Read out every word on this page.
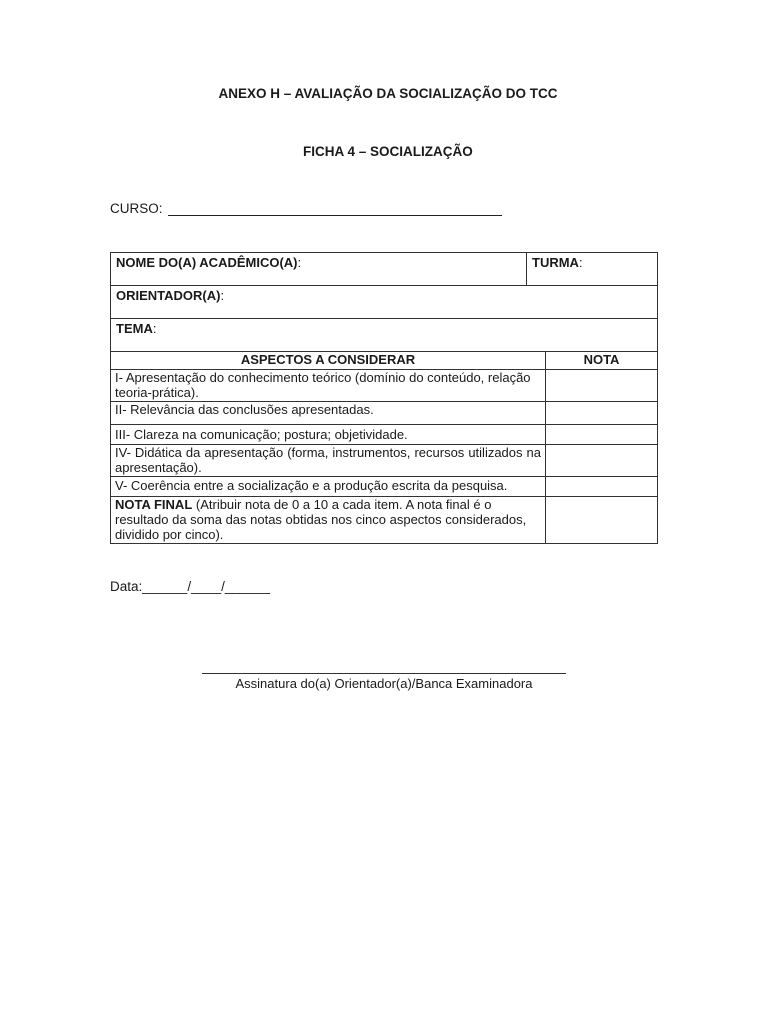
ANEXO H – AVALIAÇÃO DA SOCIALIZAÇÃO DO TCC
FICHA 4 – SOCIALIZAÇÃO
CURSO:
NOME DO(A) ACADÊMICO(A):	TURMA:
ORIENTADOR(A):
TEMA:
ASPECTOS A CONSIDERAR	NOTA
I- Apresentação do conhecimento teórico (domínio do conteúdo, relação teoria-prática).	
II- Relevância das conclusões apresentadas.	
III- Clareza na comunicação; postura; objetividade.	
IV- Didática da apresentação (forma, instrumentos, recursos utilizados na apresentação).	
V- Coerência entre a socialização e a produção escrita da pesquisa.	
NOTA FINAL (Atribuir nota de 0 a 10 a cada item. A nota final é o resultado da soma das notas obtidas nos cinco aspectos considerados, dividido por cinco).	
Data:______/____/______
Assinatura do(a) Orientador(a)/Banca Examinadora
